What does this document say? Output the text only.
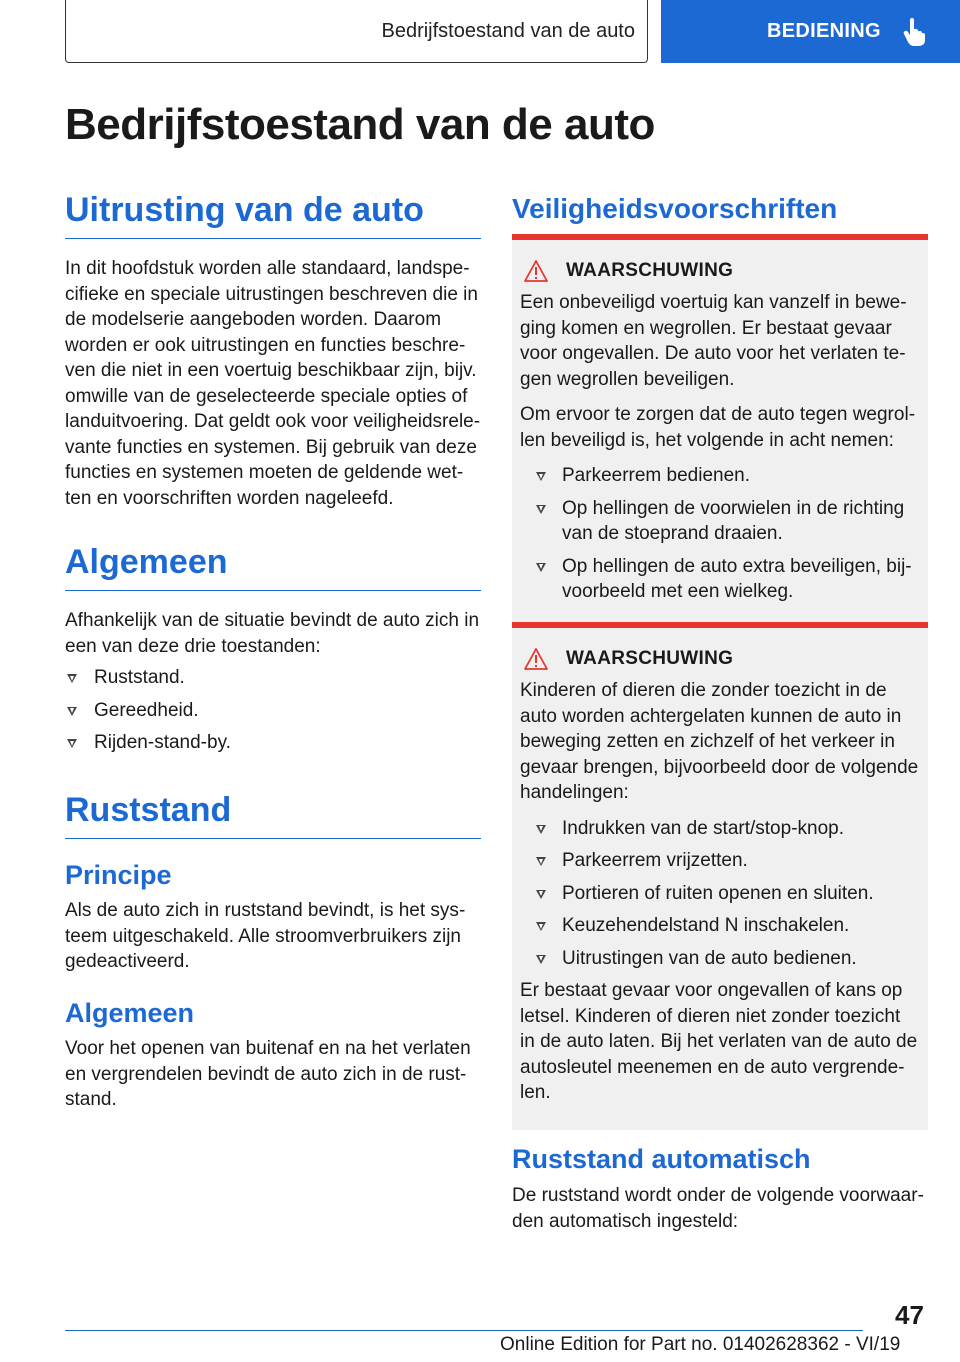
Bedrijfstoestand van de auto	BEDIENING
Bedrijfstoestand van de auto
Uitrusting van de auto

In dit hoofdstuk worden alle standaard, landspecifieke en speciale uitrustingen beschreven die in de modelserie aangeboden worden. Daarom worden er ook uitrustingen en functies beschreven die niet in een voertuig beschikbaar zijn, bijv. omwille van de geselecteerde speciale opties of landuitvoering. Dat geldt ook voor veiligheidsrelevante functies en systemen. Bij gebruik van deze functies en systemen moeten de geldende wetten en voorschriften worden nageleefd.

Algemeen

Afhankelijk van de situatie bevindt de auto zich in een van deze drie toestanden:

Ruststand.
Gereedheid.
Rijden-stand-by.
Ruststand
Principe

Als de auto zich in ruststand bevindt, is het systeem uitgeschakeld. Alle stroomverbruikers zijn gedeactiveerd.

Algemeen

Voor het openen van buitenaf en na het verlaten en vergrendelen bevindt de auto zich in de ruststand.

Veiligheidsvoorschriften
WAARSCHUWING

Een onbeveiligd voertuig kan vanzelf in beweging komen en wegrollen. Er bestaat gevaar voor ongevallen. De auto voor het verlaten tegen wegrollen beveiligen.

Om ervoor te zorgen dat de auto tegen wegrollen beveiligd is, het volgende in acht nemen:

Parkeerrem bedienen.
Op hellingen de voorwielen in de richting van de stoeprand draaien.
Op hellingen de auto extra beveiligen, bijvoorbeeld met een wielkeg.
WAARSCHUWING

Kinderen of dieren die zonder toezicht in de auto worden achtergelaten kunnen de auto in beweging zetten en zichzelf of het verkeer in gevaar brengen, bijvoorbeeld door de volgende handelingen:

Indrukken van de start/stop-knop.
Parkeerrem vrijzetten.
Portieren of ruiten openen en sluiten.
Keuzehendelstand N inschakelen.
Uitrustingen van de auto bedienen.

Er bestaat gevaar voor ongevallen of kans op letsel. Kinderen of dieren niet zonder toezicht in de auto laten. Bij het verlaten van de auto de autosleutel meenemen en de auto vergrendelen.

Ruststand automatisch

De ruststand wordt onder de volgende voorwaarden automatisch ingesteld:

47
Online Edition for Part no. 01402628362 - VI/19
